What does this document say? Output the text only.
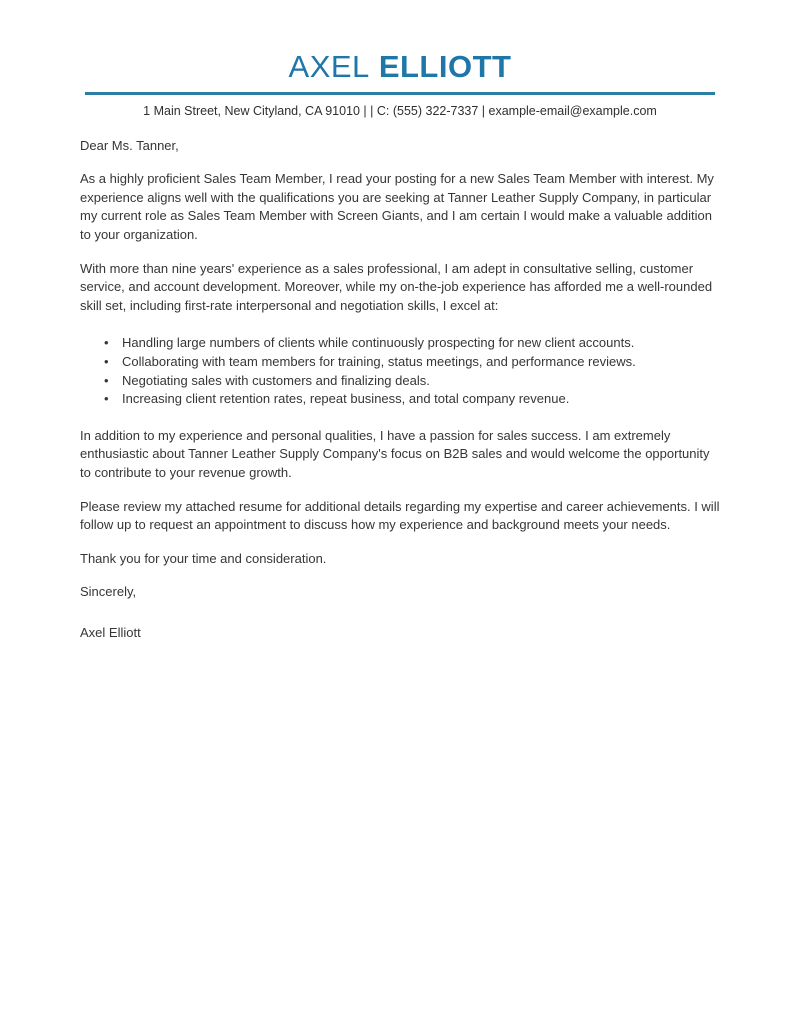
AXEL ELLIOTT
1 Main Street, New Cityland, CA 91010 | | C: (555) 322-7337 | example-email@example.com

Dear Ms. Tanner,

As a highly proficient Sales Team Member, I read your posting for a new Sales Team Member with interest. My experience aligns well with the qualifications you are seeking at Tanner Leather Supply Company, in particular my current role as Sales Team Member with Screen Giants, and I am certain I would make a valuable addition to your organization.

With more than nine years' experience as a sales professional, I am adept in consultative selling, customer service, and account development. Moreover, while my on-the-job experience has afforded me a well-rounded skill set, including first-rate interpersonal and negotiation skills, I excel at:

• Handling large numbers of clients while continuously prospecting for new client accounts.
• Collaborating with team members for training, status meetings, and performance reviews.
• Negotiating sales with customers and finalizing deals.
• Increasing client retention rates, repeat business, and total company revenue.

In addition to my experience and personal qualities, I have a passion for sales success. I am extremely enthusiastic about Tanner Leather Supply Company's focus on B2B sales and would welcome the opportunity to contribute to your revenue growth.

Please review my attached resume for additional details regarding my expertise and career achievements. I will follow up to request an appointment to discuss how my experience and background meets your needs.

Thank you for your time and consideration.

Sincerely,

Axel Elliott
